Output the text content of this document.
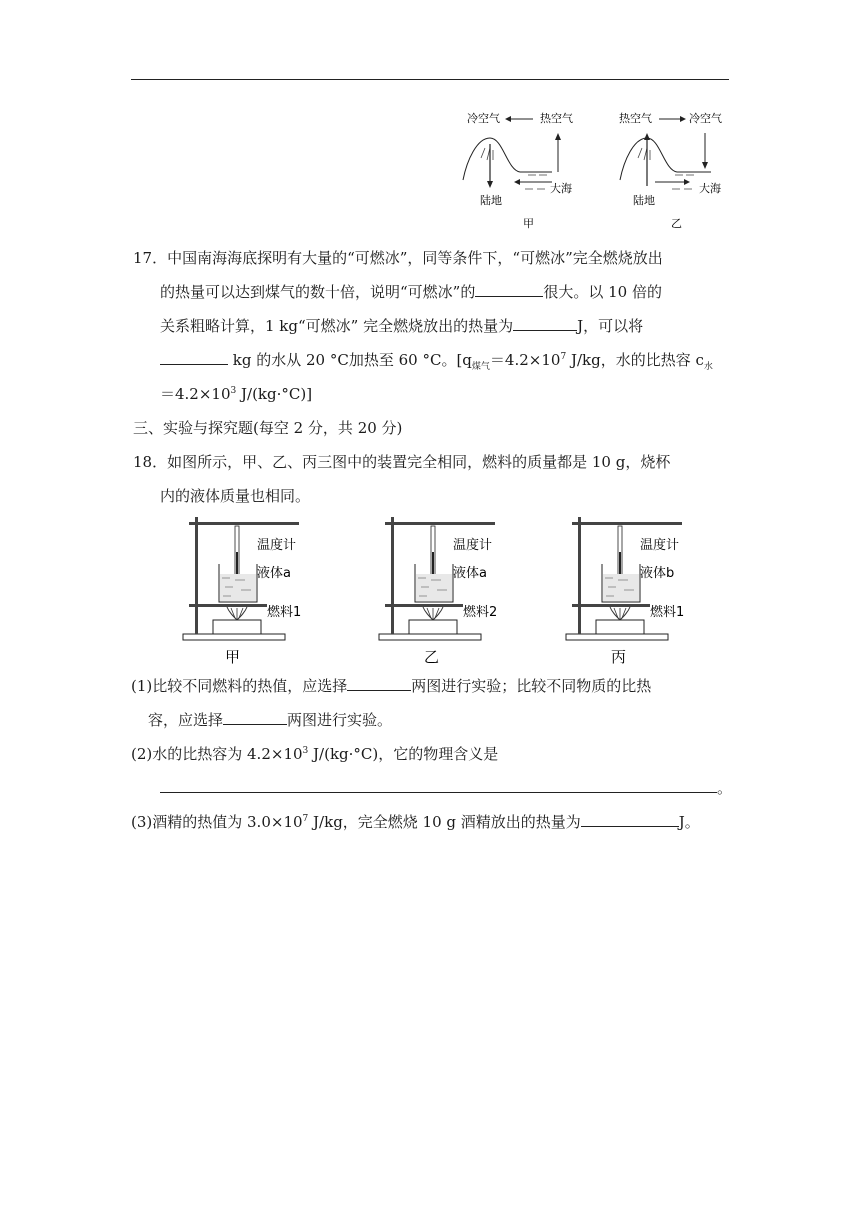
冷空气	热空气
大海
陆地
甲
热空气	冷空气
大海
陆地
乙
17．中国南海海底探明有大量的“可燃冰”，同等条件下，“可燃冰”完全燃烧放出
的热量可以达到煤气的数十倍，说明“可燃冰”的	很大。以 10 倍的
关系粗略计算，1 kg“可燃冰” 完全燃烧放出的热量为	J，可以将
kg 的水从 20 °C加热至 60 °C。[$q_{煤气}=4.2\times 10^7$ J/kg，水的比热容 $c_水$
$=4.2\times 10^3$ J/(kg·°C)]
三、实验与探究题(每空 2 分，共 20 分)
18．如图所示，甲、乙、丙三图中的装置完全相同，燃料的质量都是 10 g，烧杯
内的液体质量也相同。
温度计
液体a
燃料1
甲
温度计
液体a
燃料2
乙
温度计
液体b
燃料1
丙
(1)比较不同燃料的热值，应选择	两图进行实验；比较不同物质的比热
容，应选择	两图进行实验。
(2)水的比热容为 $4.2\times 10^3$ J/(kg·°C)，它的物理含义是
。
(3)酒精的热值为 $3.0\times 10^7$ J/kg，完全燃烧 10 g 酒精放出的热量为	J。
